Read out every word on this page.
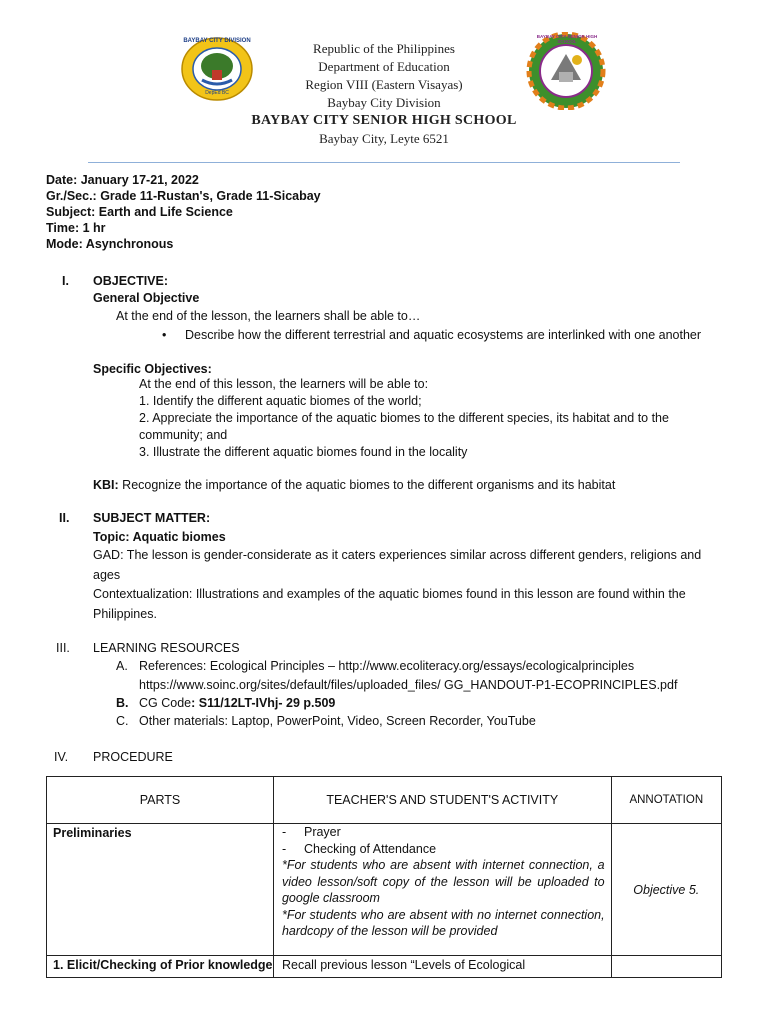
BAYBAY CITY DIVISION
DepEd BC
BAYBAY CITY SENIOR HIGH SCHOOL
Republic of the Philippines
Department of Education
Region VIII (Eastern Visayas)
Baybay City Division
BAYBAY CITY SENIOR HIGH SCHOOL
Baybay City, Leyte 6521
Date: January 17-21, 2022
Gr./Sec.: Grade 11-Rustan's, Grade 11-Sicabay
Subject: Earth and Life Science
Time: 1 hr
Mode: Asynchronous
I. OBJECTIVE:
General Objective
At the end of the lesson, the learners shall be able to…
• Describe how the different terrestrial and aquatic ecosystems are interlinked with one another
Specific Objectives:
At the end of this lesson, the learners will be able to:
1. Identify the different aquatic biomes of the world;
2. Appreciate the importance of the aquatic biomes to the different species, its habitat and to the
community; and
3. Illustrate the different aquatic biomes found in the locality
KBI: Recognize the importance of the aquatic biomes to the different organisms and its habitat
II. SUBJECT MATTER:
Topic: Aquatic biomes
GAD: The lesson is gender-considerate as it caters experiences similar across different genders, religions and
ages
Contextualization: Illustrations and examples of the aquatic biomes found in this lesson are found within the
Philippines.
III. LEARNING RESOURCES
A. References: Ecological Principles – http://www.ecoliteracy.org/essays/ecologicalprinciples
https://www.soinc.org/sites/default/files/uploaded_files/ GG_HANDOUT-P1-ECOPRINCIPLES.pdf
B. CG Code: S11/12LT-IVhj- 29 p.509
C. Other materials: Laptop, PowerPoint, Video, Screen Recorder, YouTube
IV. PROCEDURE
PARTS	TEACHER'S AND STUDENT'S ACTIVITY	ANNOTATION

Preliminaries	- Prayer
- Checking of Attendance
*For students who are absent with internet connection, a video lesson/soft copy of the lesson will be uploaded to google classroom
*For students who are absent with no internet connection, hardcopy of the lesson will be provided	Objective 5.

1. Elicit/Checking of Prior knowledge	Recall previous lesson “Levels of Ecological	
